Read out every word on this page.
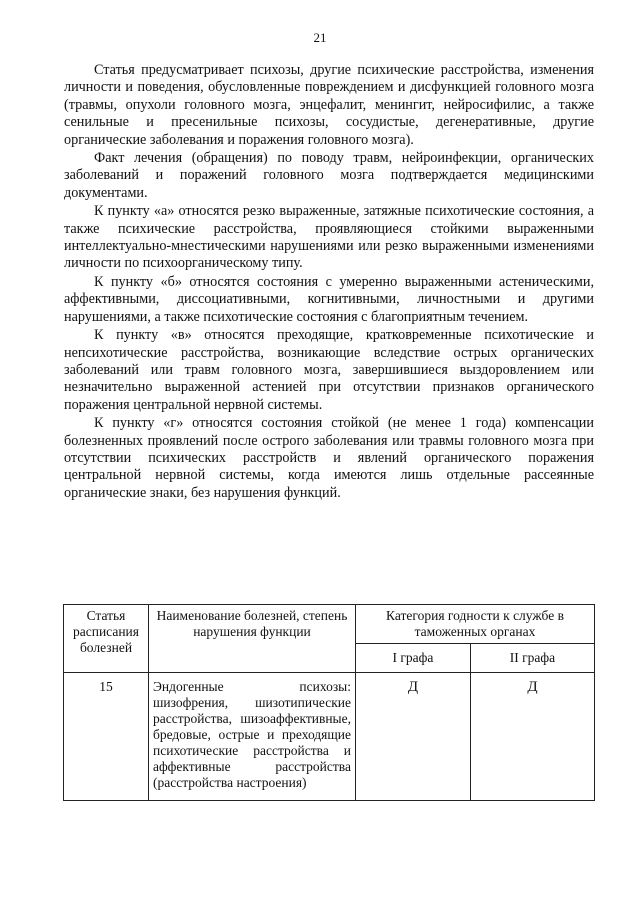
21

Статья предусматривает психозы, другие психические расстройства, изменения личности и поведения, обусловленные повреждением и дисфункцией головного мозга (травмы, опухоли головного мозга, энцефалит, менингит, нейросифилис, а также сенильные и пресенильные психозы, сосудистые, дегенеративные, другие органические заболевания и поражения головного мозга).

Факт лечения (обращения) по поводу травм, нейроинфекции, органических заболеваний и поражений головного мозга подтверждается медицинскими документами.

К пункту «а» относятся резко выраженные, затяжные психотические состояния, а также психические расстройства, проявляющиеся стойкими выраженными интеллектуально-мнестическими нарушениями или резко выраженными изменениями личности по психоорганическому типу.

К пункту «б» относятся состояния с умеренно выраженными астеническими, аффективными, диссоциативными, когнитивными, личностными и другими нарушениями, а также психотические состояния с благоприятным течением.

К пункту «в» относятся преходящие, кратковременные психотические и непсихотические расстройства, возникающие вследствие острых органических заболеваний или травм головного мозга, завершившиеся выздоровлением или незначительно выраженной астенией при отсутствии признаков органического поражения центральной нервной системы.

К пункту «г» относятся состояния стойкой (не менее 1 года) компенсации болезненных проявлений после острого заболевания или травмы головного мозга при отсутствии психических расстройств и явлений органического поражения центральной нервной системы, когда имеются лишь отдельные рассеянные органические знаки, без нарушения функций.

Статья расписания болезней	Наименование болезней, степень нарушения функции	Категория годности к службе в таможенных органах	
		I графа	II графа
15	Эндогенные психозы: шизофрения, шизотипические расстройства, шизоаффективные, бредовые, острые и преходящие психотические расстройства и аффективные расстройства (расстройства настроения)	Д	Д
